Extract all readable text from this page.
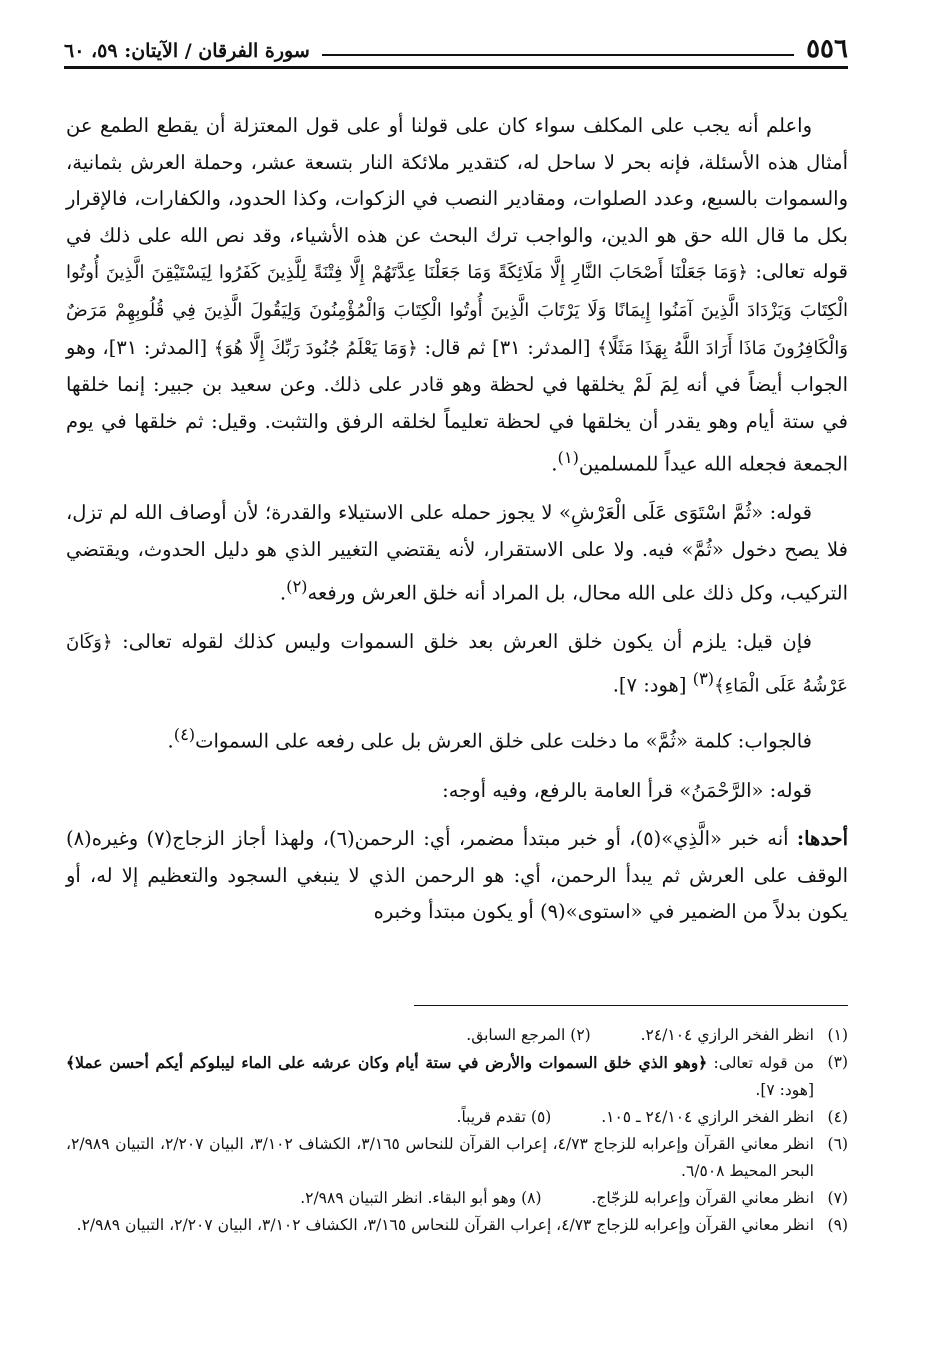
٥٥٦
سورة الفرقان / الآيتان: ٥٩، ٦٠

واعلم أنه يجب على المكلف سواء كان على قولنا أو على قول المعتزلة أن يقطع الطمع عن أمثال هذه الأسئلة، فإنه بحر لا ساحل له، كتقدير ملائكة النار بتسعة عشر، وحملة العرش بثمانية، والسموات بالسبع، وعدد الصلوات، ومقادير النصب في الزكوات، وكذا الحدود، والكفارات، فالإقرار بكل ما قال الله حق هو الدين، والواجب ترك البحث عن هذه الأشياء، وقد نص الله على ذلك في قوله تعالى: ﴿وَمَا جَعَلْنَا أَصْحَابَ النَّارِ إِلَّا مَلَائِكَةً وَمَا جَعَلْنَا عِدَّتَهُمْ إِلَّا فِتْنَةً لِلَّذِينَ كَفَرُوا لِيَسْتَيْقِنَ الَّذِينَ أُوتُوا الْكِتَابَ وَيَزْدَادَ الَّذِينَ آمَنُوا إِيمَانًا وَلَا يَرْتَابَ الَّذِينَ أُوتُوا الْكِتَابَ وَالْمُؤْمِنُونَ وَلِيَقُولَ الَّذِينَ فِي قُلُوبِهِمْ مَرَضٌ وَالْكَافِرُونَ مَاذَا أَرَادَ اللَّهُ بِهَذَا مَثَلًا﴾ [المدثر: ٣١] ثم قال: ﴿وَمَا يَعْلَمُ جُنُودَ رَبِّكَ إِلَّا هُوَ﴾ [المدثر: ٣١]، وهو الجواب أيضاً في أنه لِمَ لَمْ يخلقها في لحظة وهو قادر على ذلك. وعن سعيد بن جبير: إنما خلقها في ستة أيام وهو يقدر أن يخلقها في لحظة تعليماً لخلقه الرفق والتثبت. وقيل: ثم خلقها في يوم الجمعة فجعله الله عيداً للمسلمين$^{(١)}$.

قوله: «ثُمَّ اسْتَوَى عَلَى الْعَرْشِ» لا يجوز حمله على الاستيلاء والقدرة؛ لأن أوصاف الله لم تزل، فلا يصح دخول «ثُمَّ» فيه. ولا على الاستقرار، لأنه يقتضي التغيير الذي هو دليل الحدوث، ويقتضي التركيب، وكل ذلك على الله محال، بل المراد أنه خلق العرش ورفعه$^{(٢)}$.

فإن قيل: يلزم أن يكون خلق العرش بعد خلق السموات وليس كذلك لقوله تعالى: ﴿وَكَانَ عَرْشُهُ عَلَى الْمَاءِ﴾$^{(٣)}$ [هود: ٧].

فالجواب: كلمة «ثُمَّ» ما دخلت على خلق العرش بل على رفعه على السموات$^{(٤)}$.

قوله: «الرَّحْمَنُ» قرأ العامة بالرفع، وفيه أوجه:

أحدها: أنه خبر «الَّذِي»(٥)، أو خبر مبتدأ مضمر، أي: الرحمن(٦)، ولهذا أجاز الزجاج(٧) وغيره(٨) الوقف على العرش ثم يبدأ الرحمن، أي: هو الرحمن الذي لا ينبغي السجود والتعظيم إلا له، أو يكون بدلاً من الضمير في «استوى»(٩) أو يكون مبتدأ وخبره

(١)
انظر الفخر الرازي ٢٤/١٠٤.  (٢) المرجع السابق.
(٣)
من قوله تعالى: ﴿وهو الذي خلق السموات والأرض في ستة أيام وكان عرشه على الماء ليبلوكم أيكم أحسن عملا﴾ [هود: ٧].
(٤)
انظر الفخر الرازي ٢٤/١٠٤ ـ ١٠٥.  (٥) تقدم قريباً.
(٦)
انظر معاني القرآن وإعرابه للزجاج ٤/٧٣، إعراب القرآن للنحاس ٣/١٦٥، الكشاف ٣/١٠٢، البيان ٢/٢٠٧، التبيان ٢/٩٨٩، البحر المحيط ٦/٥٠٨.
(٧)
انظر معاني القرآن وإعرابه للزجّاج.  (٨) وهو أبو البقاء. انظر التبيان ٢/٩٨٩.
(٩)
انظر معاني القرآن وإعرابه للزجاج ٤/٧٣، إعراب القرآن للنحاس ٣/١٦٥، الكشاف ٣/١٠٢، البيان ٢/٢٠٧، التبيان ٢/٩٨٩.
